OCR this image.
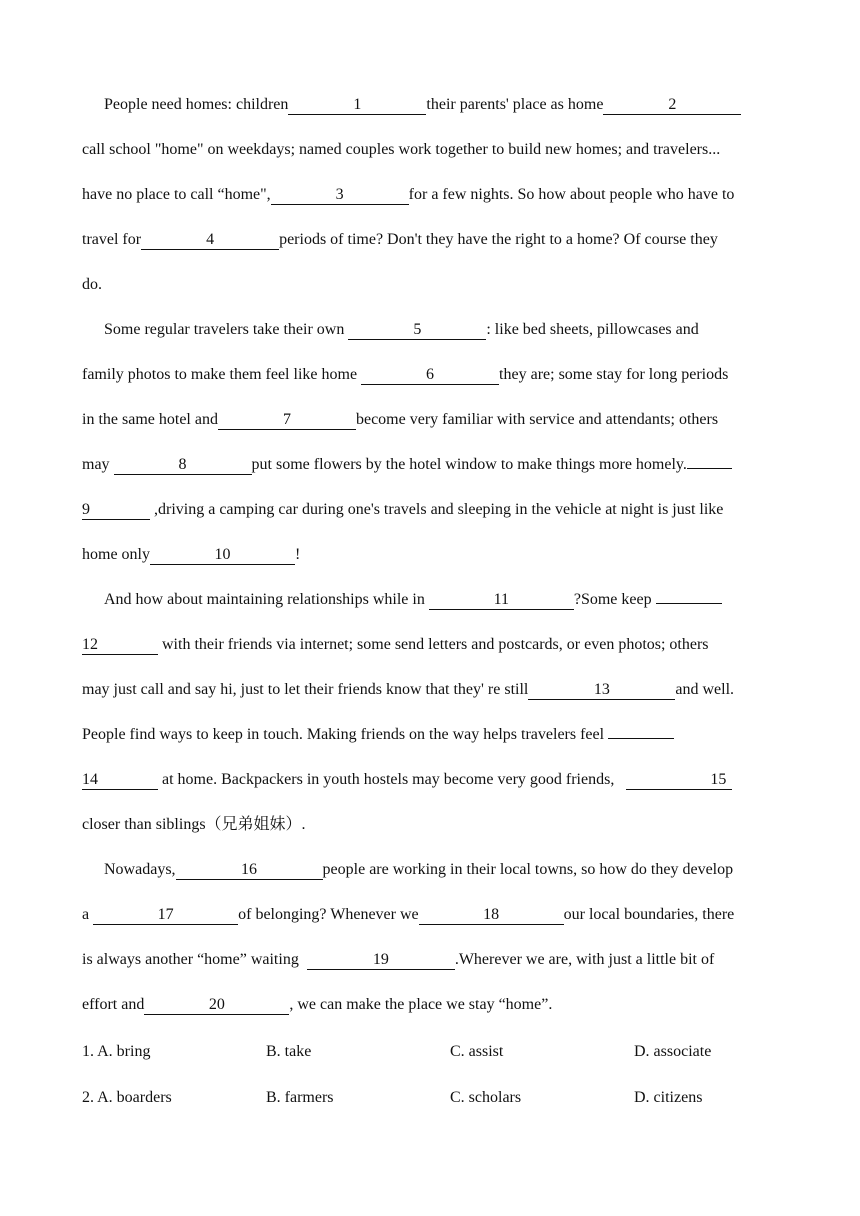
People need homes: children	1	their parents' place as home	2
call school "home" on weekdays; named couples work together to build new homes; and travelers...
have no place to call “home",	3	for a few nights. So how about people who have to
travel for	4	periods of time? Don't they have the right to a home? Of course they
do.
Some regular travelers take their own	5	: like bed sheets, pillowcases and
family photos to make them feel like home	6	they are; some stay for long periods
in the same hotel and	7	become very familiar with service and attendants; others
may	8	put some flowers by the hotel window to make things more homely.
9	,driving a camping car during one's travels and sleeping in the vehicle at night is just like
home only	10	!
And how about maintaining relationships while in	11	?Some keep
12	with their friends via internet; some send letters and postcards, or even photos; others
may just call and say hi, just to let their friends know that they' re still	13	and well.
People find ways to keep in touch. Making friends on the way helps travelers feel
14	at home. Backpackers in youth hostels may become very good friends,	15
closer than siblings（兄弟姐妹）.
Nowadays,	16	people are working in their local towns, so how do they develop
a	17	of belonging? Whenever we	18	our local boundaries, there
is always another “home” waiting	19	.Wherever we are, with just a little bit of
effort and	20	, we can make the place we stay “home”.
1. A. bring	B. take	C. assist	D. associate
2. A. boarders	B. farmers	C. scholars	D. citizens
